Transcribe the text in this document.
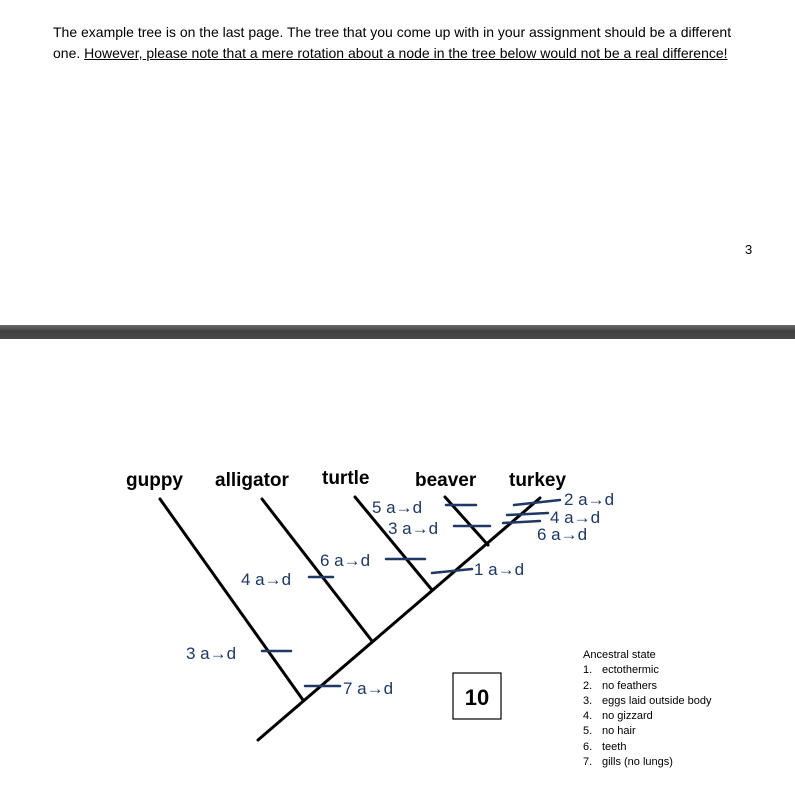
The example tree is on the last page. The tree that you come up with in your assignment should be a different one. However, please note that a mere rotation about a node in the tree below would not be a real difference!

3
guppy alligator turtle beaver turkey
3 a→d
7 a→d
4 a→d
6 a→d	1 a→d
5 a→d
3 a→d
2 a→d
4 a→d
6 a→d
10
Ancestral state
1. ectothermic
2. no feathers
3. eggs laid outside body
4. no gizzard
5. no hair
6. teeth
7. gills (no lungs)
